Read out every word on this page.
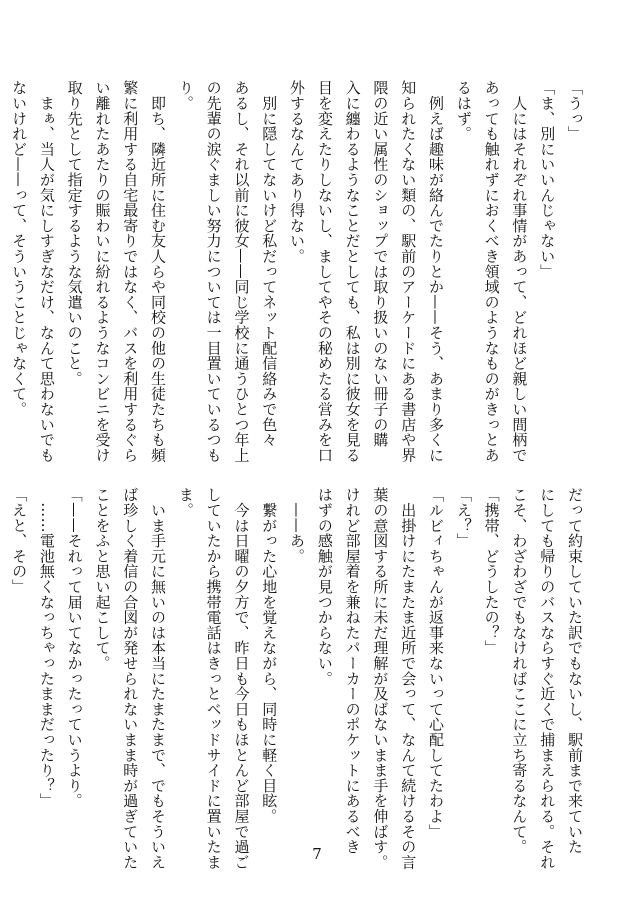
「うっ」
「ま、別にいいんじゃない」
　人にはそれぞれ事情があって、どれほど親しい間柄で
あっても触れずにおくべき領域のようなものがきっとあ
るはず。
　例えば趣味が絡んでたりとか——そう、あまり多くに
知られたくない類の、駅前のアーケードにある書店や界
隈の近い属性のショップでは取り扱いのない冊子の購
入に纏わるようなことだとしても、私は別に彼女を見る
目を変えたりしないし、ましてやその秘めたる営みを口
外するなんてあり得ない。
　別に隠してないけど私だってネット配信絡みで色々
あるし、それ以前に彼女——同じ学校に通うひとつ年上
の先輩の涙ぐましい努力については一目置いているつも
り。
　即ち、隣近所に住む友人らや同校の他の生徒たちも頻
繁に利用する自宅最寄りではなく、バスを利用するぐら
い離れたあたりの賑わいに紛れるようなコンビニを受け
取り先として指定するような気遣いのこと。
　まぁ、当人が気にしすぎなだけ、なんて思わないでも
ないけれど——って、そういうことじゃなくて。
だって約束していた訳でもないし、駅前まで来ていた
にしても帰りのバスならすぐ近くで捕まえられる。それ
こそ、わざわざでもなければここに立ち寄るなんて。
「携帯、どうしたの？」
「え？」
「ルビィちゃんが返事来ないって心配してたわよ」
　出掛けにたまたま近所で会って、なんて続けるその言
葉の意図する所に未だ理解が及ばないまま手を伸ばす。
けれど部屋着を兼ねたパーカーのポケットにあるべき
はずの感触が見つからない。
　——あ。
　繋がった心地を覚えながら、同時に軽く目眩。
　今は日曜の夕方で、昨日も今日もほとんど部屋で過ご
していたから携帯電話はきっとベッドサイドに置いたま
ま。
　いま手元に無いのは本当にたまたまで、でもそういえ
ば珍しく着信の合図が発せられないまま時が過ぎていた
ことをふと思い起こして。
「——それって届いてなかったっていうより。
　……電池無くなっちゃったままだったり？」
「えと、その」
7
